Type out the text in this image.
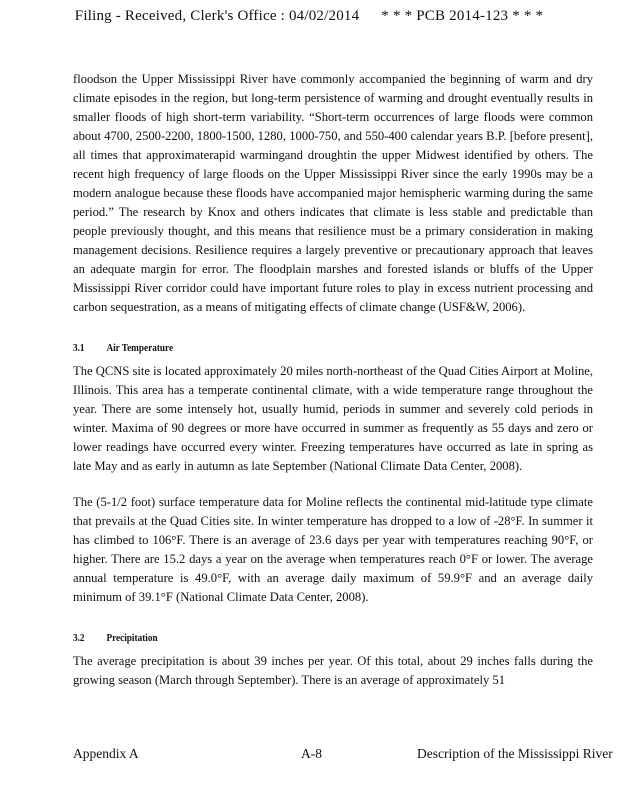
Filing - Received, Clerk's Office : 04/02/2014 * * * PCB 2014-123 * * *

floodson the Upper Mississippi River have commonly accompanied the beginning of warm and dry climate episodes in the region, but long-term persistence of warming and drought eventually results in smaller floods of high short-term variability. “Short-term occurrences of large floods were common about 4700, 2500-2200, 1800-1500, 1280, 1000-750, and 550-400 calendar years B.P. [before present], all times that approximaterapid warmingand droughtin the upper Midwest identified by others. The recent high frequency of large floods on the Upper Mississippi River since the early 1990s may be a modern analogue because these floods have accompanied major hemispheric warming during the same period.” The research by Knox and others indicates that climate is less stable and predictable than people previously thought, and this means that resilience must be a primary consideration in making management decisions. Resilience requires a largely preventive or precautionary approach that leaves an adequate margin for error. The floodplain marshes and forested islands or bluffs of the Upper Mississippi River corridor could have important future roles to play in excess nutrient processing and carbon sequestration, as a means of mitigating effects of climate change (USF&W, 2006).

3.1 Air Temperature

The QCNS site is located approximately 20 miles north-northeast of the Quad Cities Airport at Moline, Illinois. This area has a temperate continental climate, with a wide temperature range throughout the year. There are some intensely hot, usually humid, periods in summer and severely cold periods in winter. Maxima of 90 degrees or more have occurred in summer as frequently as 55 days and zero or lower readings have occurred every winter. Freezing temperatures have occurred as late in spring as late May and as early in autumn as late September (National Climate Data Center, 2008).

The (5-1/2 foot) surface temperature data for Moline reflects the continental mid-latitude type climate that prevails at the Quad Cities site. In winter temperature has dropped to a low of -28°F. In summer it has climbed to 106°F. There is an average of 23.6 days per year with temperatures reaching 90°F, or higher. There are 15.2 days a year on the average when temperatures reach 0°F or lower. The average annual temperature is 49.0°F, with an average daily maximum of 59.9°F and an average daily minimum of 39.1°F (National Climate Data Center, 2008).

3.2 Precipitation

The average precipitation is about 39 inches per year. Of this total, about 29 inches falls during the growing season (March through September). There is an average of approximately 51

Appendix A	A-8	Description of the Mississippi River
